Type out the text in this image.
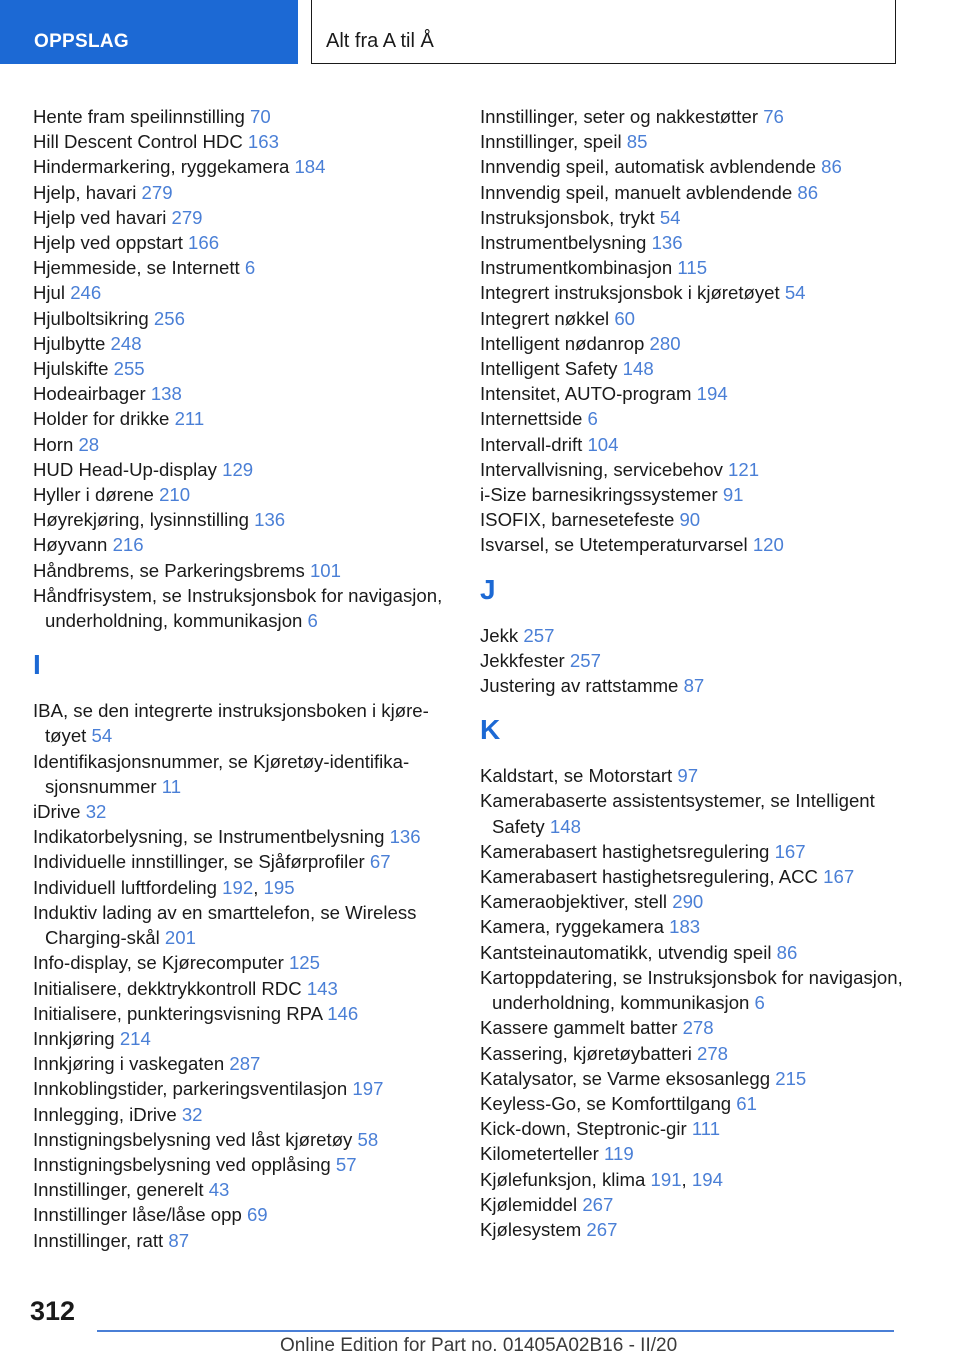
OPPSLAG	Alt fra A til Å
Hente fram speilinnstilling 70
Hill Descent Control HDC 163
Hindermarkering, ryggekamera 184
Hjelp, havari 279
Hjelp ved havari 279
Hjelp ved oppstart 166
Hjemmeside, se Internett 6
Hjul 246
Hjulboltsikring 256
Hjulbytte 248
Hjulskifte 255
Hodeairbager 138
Holder for drikke 211
Horn 28
HUD Head-Up-display 129
Hyller i dørene 210
Høyrekjøring, lysinnstilling 136
Høyvann 216
Håndbrems, se Parkeringsbrems 101
Håndfrisystem, se Instruksjonsbok for navigasjon, underholdning, kommunikasjon 6
I
IBA, se den integrerte instruksjonsboken i kjøretøyet 54
Identifikasjonsnummer, se Kjøretøy-identifikasjonsnummer 11
iDrive 32
Indikatorbelysning, se Instrumentbelysning 136
Individuelle innstillinger, se Sjåførprofiler 67
Individuell luftfordeling 192, 195
Induktiv lading av en smarttelefon, se Wireless Charging-skål 201
Info-display, se Kjørecomputer 125
Initialisere, dekktrykkontroll RDC 143
Initialisere, punkteringsvisning RPA 146
Innkjøring 214
Innkjøring i vaskegaten 287
Innkoblingstider, parkeringsventilasjon 197
Innlegging, iDrive 32
Innstigningsbelysning ved låst kjøretøy 58
Innstigningsbelysning ved opplåsing 57
Innstillinger, generelt 43
Innstillinger låse/låse opp 69
Innstillinger, ratt 87
Innstillinger, seter og nakkestøtter 76
Innstillinger, speil 85
Innvendig speil, automatisk avblendende 86
Innvendig speil, manuelt avblendende 86
Instruksjonsbok, trykt 54
Instrumentbelysning 136
Instrumentkombinasjon 115
Integrert instruksjonsbok i kjøretøyet 54
Integrert nøkkel 60
Intelligent nødanrop 280
Intelligent Safety 148
Intensitet, AUTO-program 194
Internettside 6
Intervall-drift 104
Intervallvisning, servicebehov 121
i-Size barnesikringssystemer 91
ISOFIX, barnesetefeste 90
Isvarsel, se Utetemperaturvarsel 120
J
Jekk 257
Jekkfester 257
Justering av rattstamme 87
K
Kaldstart, se Motorstart 97
Kamerabaserte assistentsystemer, se Intelligent Safety 148
Kamerabasert hastighetsregulering 167
Kamerabasert hastighetsregulering, ACC 167
Kameraobjektiver, stell 290
Kamera, ryggekamera 183
Kantsteinautomatikk, utvendig speil 86
Kartoppdatering, se Instruksjonsbok for navigasjon, underholdning, kommunikasjon 6
Kassere gammelt batter 278
Kassering, kjøretøybatteri 278
Katalysator, se Varme eksosanlegg 215
Keyless-Go, se Komforttilgang 61
Kick-down, Steptronic-gir 111
Kilometerteller 119
Kjølefunksjon, klima 191, 194
Kjølemiddel 267
Kjølesystem 267
312
Online Edition for Part no. 01405A02B16 - II/20
